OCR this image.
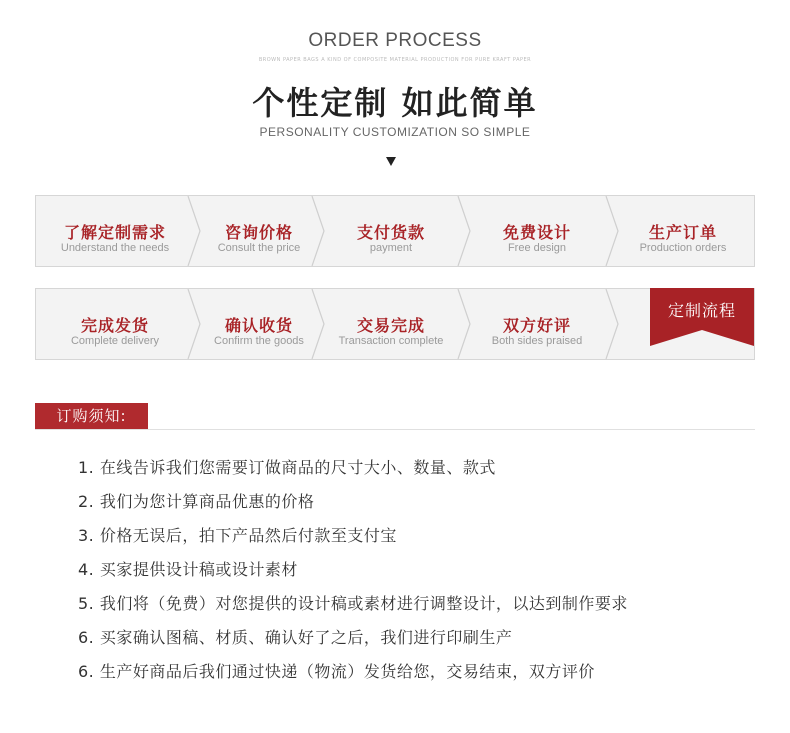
ORDER PROCESS
BROWN PAPER BAGS A KIND OF COMPOSITE MATERIAL PRODUCTION FOR PURE KRAFT PAPER
个性定制 如此简单
PERSONALITY CUSTOMIZATION SO SIMPLE
了解定制需求
Understand the needs
咨询价格
Consult the price
支付货款
payment
免费设计
Free design
生产订单
Production orders
完成发货
Complete delivery
确认收货
Confirm the goods
交易完成
Transaction complete
双方好评
Both sides praised
定制流程
订购须知:
1. 在线告诉我们您需要订做商品的尺寸大小、数量、款式
2. 我们为您计算商品优惠的价格
3. 价格无误后，拍下产品然后付款至支付宝
4. 买家提供设计稿或设计素材
5. 我们将（免费）对您提供的设计稿或素材进行调整设计，以达到制作要求
6. 买家确认图稿、材质、确认好了之后，我们进行印刷生产
6. 生产好商品后我们通过快递（物流）发货给您，交易结束，双方评价
